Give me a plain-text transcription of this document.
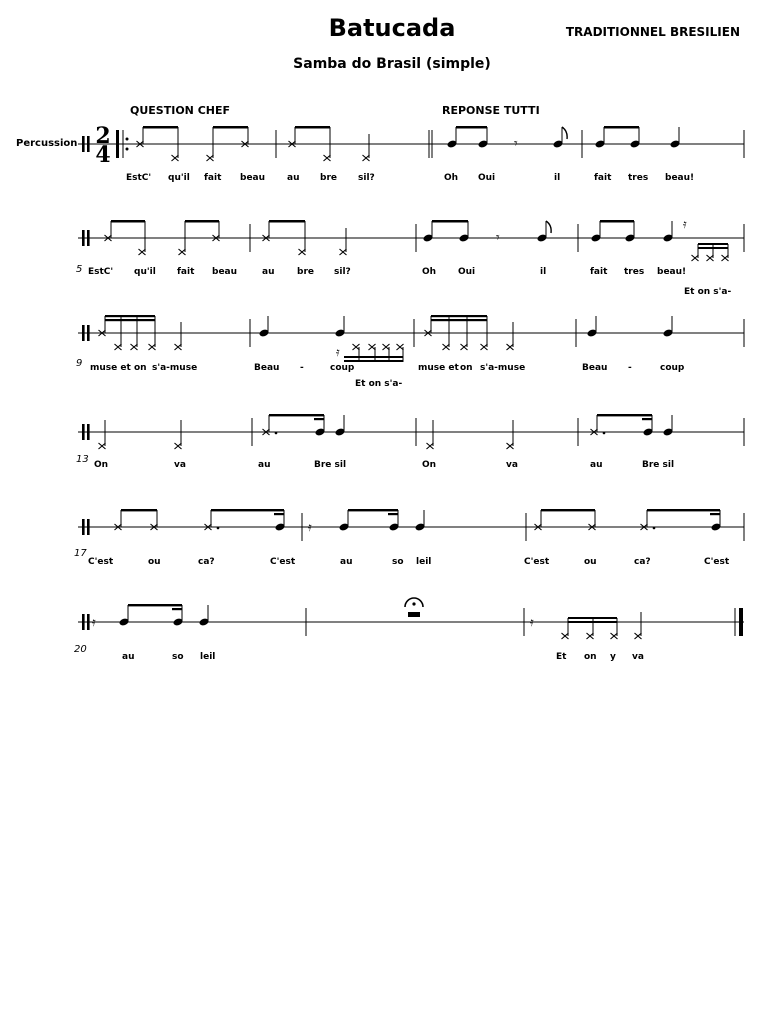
Batucada
Samba do Brasil (simple)
TRADITIONNEL BRESILIEN
Percussion
QUESTION CHEF	REPONSE TUTTI
2
4	𝄾
EstC' qu'il fait beau au bre sil?	Oh Oui	il	fait tres beau!
5
𝄾
𝄿
EstC' qu'il fait beau	au	bre sil?	Oh Oui	il	fait tres beau!
Et on s'a-
9
𝄿
muse et on s'a-muse	Beau -	coup	muse et on s'a-muse	Beau -	coup
Et on s'a-
13 On	va	au	Bre sil	On	va	au	Bre sil
17
𝄿
C'est	ou	ca?	C'est	au	so leil	C'est	ou	ca?	C'est
20
𝄿	𝄿
au	so leil	Et on y va
